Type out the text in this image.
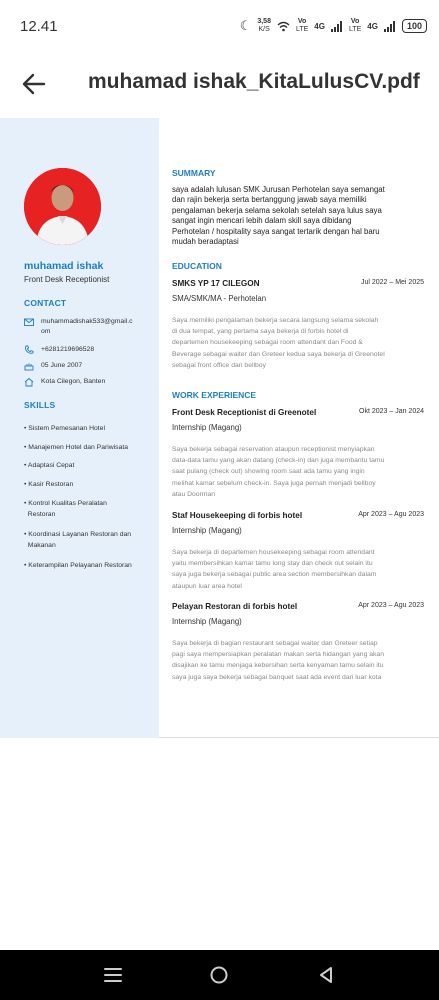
12.41	☾ 3,58
K/S
Vo
LTE 4G	Vo
LTE 4G	100
muhamad ishak_KitaLulusCV.pdf
muhamad ishak
Front Desk Receptionist
CONTACT
muhammadishak533@gmail.c
om
+6281219696528
05 June 2007
Kota Cilegon, Banten
SKILLS
• Sistem Pemesanan Hotel
• Manajemen Hotel dan Pariwisata
• Adaptasi Cepat
• Kasir Restoran
• Kontrol Kualitas Peralatan
Restoran
• Koordinasi Layanan Restoran dan
Makanan
• Keterampilan Pelayanan Restoran
SUMMARY
saya adalah lulusan SMK Jurusan Perhotelan saya semangat
dan rajin bekerja serta bertanggung jawab saya memiliki
pengalaman bekerja selama sekolah setelah saya lulus saya
sangat ingin mencari lebih dalam skill saya dibidang
Perhotelan / hospitality saya sangat tertarik dengan hal baru
mudah beradaptasi
EDUCATION
SMKS YP 17 CILEGON	Jul 2022 – Mei 2025
SMA/SMK/MA - Perhotelan
Saya memiliki pengalaman bekerja secara langsung selama sekolah
di dua tempat, yang pertama saya bekerja di forbis hotel di
departemen housekeeping sebagai room attendant dan Food &
Beverage sebagai waiter dan Greteer kedua saya bekerja di Greenotel
sebagai front office dan bellboy
WORK EXPERIENCE
Front Desk Receptionist di Greenotel	Okt 2023 – Jan 2024
Internship (Magang)
Saya bekerja sebagai reservation ataupun receptionist menyiapkan
data-data tamu yang akan datang (check-in) dan juga membantu tamu
saat pulang (check out) showing room saat ada tamu yang ingin
melihat kamar sebelum check-in. Saya juga pernah menjadi bellboy
atau Doorman
Staf Housekeeping di forbis hotel	Apr 2023 – Agu 2023
Internship (Magang)
Saya bekerja di departemen housekeeping sebagai room attendant
yaitu membersihkan kamar tamu long stay dan check out selain itu
saya juga bekerja sebagai public area section membersihkan dalam
ataupun luar area hotel
Pelayan Restoran di forbis hotel	Apr 2023 – Agu 2023
Internship (Magang)
Saya bekerja di bagian restaurant sebagai waiter dan Greteer setiap
pagi saya mempersiapkan peralatan makan serta hidangan yang akan
disajikan ke tamu menjaga kebersihan serta kenyaman tamu selain itu
saya juga saya bekerja sebagai banquet saat ada event dari luar kota
